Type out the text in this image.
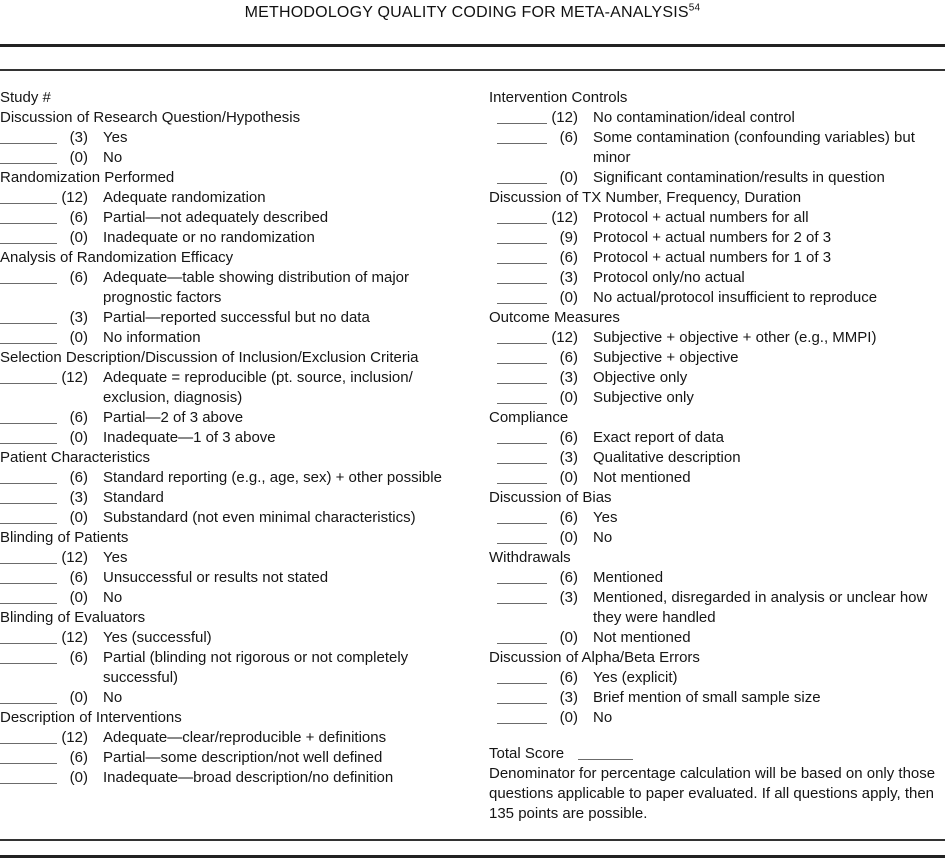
METHODOLOGY QUALITY CODING FOR META-ANALYSIS$^{54}$
Study #
Discussion of Research Question/Hypothesis
(3) Yes
(0) No
Randomization Performed
(12) Adequate randomization
(6) Partial—not adequately described
(0) Inadequate or no randomization
Analysis of Randomization Efficacy
(6) Adequate—table showing distribution of major prognostic factors
(3) Partial—reported successful but no data
(0) No information
Selection Description/Discussion of Inclusion/Exclusion Criteria
(12) Adequate = reproducible (pt. source, inclusion/​exclusion, diagnosis)
(6) Partial—2 of 3 above
(0) Inadequate—1 of 3 above
Patient Characteristics
(6) Standard reporting (e.g., age, sex) + other possible
(3) Standard
(0) Substandard (not even minimal characteristics)
Blinding of Patients
(12) Yes
(6) Unsuccessful or results not stated
(0) No
Blinding of Evaluators
(12) Yes (successful)
(6) Partial (blinding not rigorous or not completely successful)
(0) No
Description of Interventions
(12) Adequate—clear/reproducible + definitions
(6) Partial—some description/not well defined
(0) Inadequate—broad description/no definition
Intervention Controls
(12) No contamination/ideal control
(6) Some contamination (confounding variables) but minor
(0) Significant contamination/results in question
Discussion of TX Number, Frequency, Duration
(12) Protocol + actual numbers for all
(9) Protocol + actual numbers for 2 of 3
(6) Protocol + actual numbers for 1 of 3
(3) Protocol only/no actual
(0) No actual/protocol insufficient to reproduce
Outcome Measures
(12) Subjective + objective + other (e.g., MMPI)
(6) Subjective + objective
(3) Objective only
(0) Subjective only
Compliance
(6) Exact report of data
(3) Qualitative description
(0) Not mentioned
Discussion of Bias
(6) Yes
(0) No
Withdrawals
(6) Mentioned
(3) Mentioned, disregarded in analysis or unclear how they were handled
(0) Not mentioned
Discussion of Alpha/Beta Errors
(6) Yes (explicit)
(3) Brief mention of small sample size
(0) No
Total Score
Denominator for percentage calculation will be based on only those questions applicable to paper evaluated. If all questions apply, then 135 points are possible.
